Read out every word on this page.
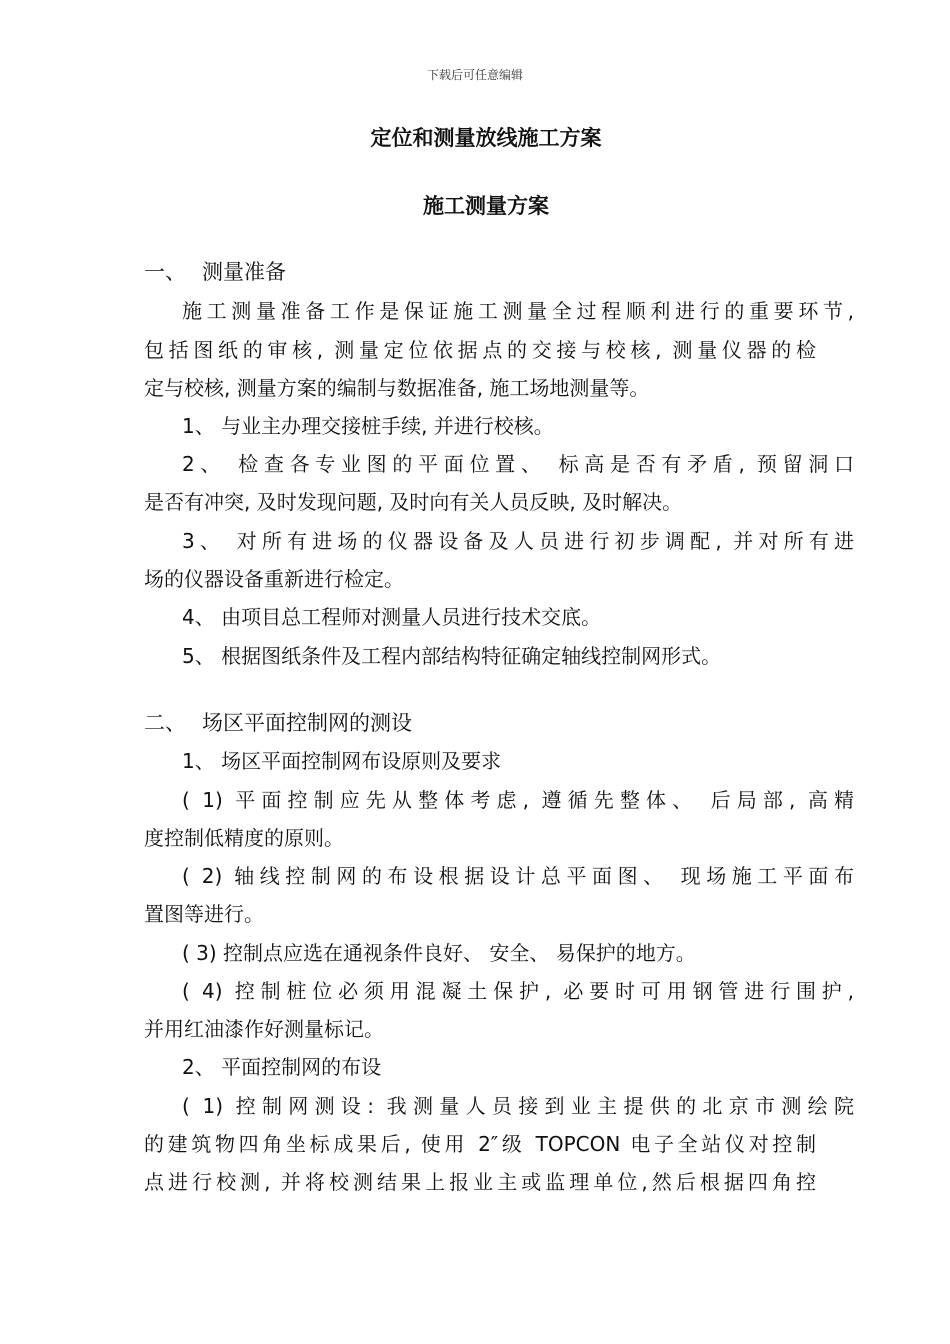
下载后可任意编辑
定位和测量放线施工方案
施工测量方案
一、 测量准备
施工测量准备工作是保证施工测量全过程顺利进行的重要环节,
包括图纸的审核, 测量定位依据点的交接与校核, 测量仪器的检
定与校核, 测量方案的编制与数据准备, 施工场地测量等。
1、 与业主办理交接桩手续, 并进行校核。
2、 检查各专业图的平面位置、 标高是否有矛盾, 预留洞口
是否有冲突, 及时发现问题, 及时向有关人员反映, 及时解决。
3、 对所有进场的仪器设备及人员进行初步调配, 并对所有进
场的仪器设备重新进行检定。
4、 由项目总工程师对测量人员进行技术交底。
5、 根据图纸条件及工程内部结构特征确定轴线控制网形式。
二、 场区平面控制网的测设
1、 场区平面控制网布设原则及要求
( 1) 平面控制应先从整体考虑, 遵循先整体、 后局部, 高精
度控制低精度的原则。
( 2) 轴线控制网的布设根据设计总平面图、 现场施工平面布
置图等进行。
( 3) 控制点应选在通视条件良好、 安全、 易保护的地方。
( 4) 控制桩位必须用混凝土保护, 必要时可用钢管进行围护,
并用红油漆作好测量标记。
2、 平面控制网的布设
( 1) 控制网测设: 我测量人员接到业主提供的北京市测绘院
的建筑物四角坐标成果后, 使用 2″级 TOPCON 电子全站仪对控制
点进行校测, 并将校测结果上报业主或监理单位,然后根据四角控
